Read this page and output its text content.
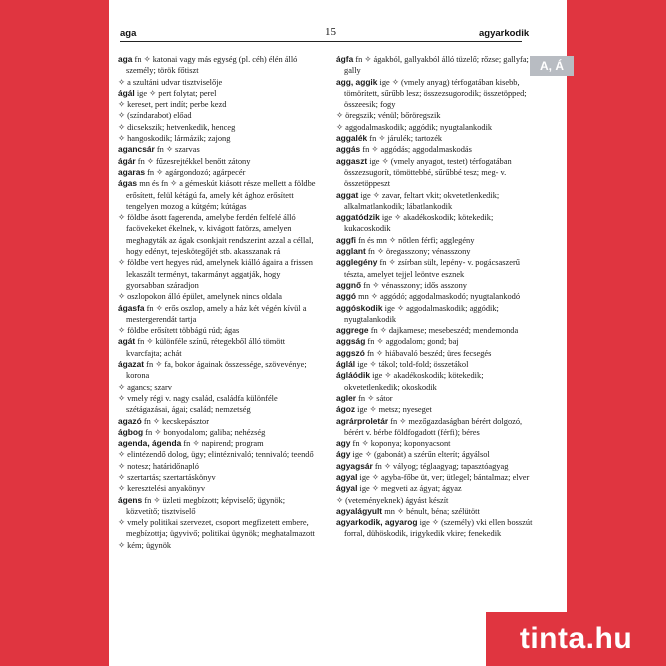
aga	15	agyarkodik
A, Á

aga fn ✧ katonai vagy más egység (pl. céh) élén álló személy; török főtiszt

✧ a szultáni udvar tisztviselője

ágál ige ✧ pert folytat; perel

✧ kereset, pert indít; perbe kezd

✧ (színdarabot) előad

✧ dicsekszik; hetvenkedik, henceg

✧ hangoskodik; lármázik; zajong

agancsár fn ✧ szarvas

ágár fn ✧ fűzesrejtékkel benőtt zátony

agaras fn ✧ agárgondozó; agárpecér

ágas mn és fn ✧ a gémeskút kiásott része mellett a földbe erősített, felül kétágú fa, amely két ághoz erősített tengelyen mozog a kútgém; kútágas

✧ földbe ásott fagerenda, amelybe ferdén felfelé álló facövekeket ékelnek, v. kivágott fatörzs, amelyen meghagyták az ágak csonkjait rendszerint azzal a céllal, hogy edényt, tejeskötegőjét stb. akasszanak rá

✧ földbe vert hegyes rúd, amelynek kiálló ágaira a frissen lekaszált terményt, takarmányt aggatják, hogy gyorsabban száradjon

✧ oszlopokon álló épület, amelynek nincs oldala

ágasfa fn ✧ erős oszlop, amely a ház két végén kívül a mestergerendát tartja

✧ földbe erősített többágú rúd; ágas

agát fn ✧ különféle színű, rétegekből álló tömött kvarcfajta; achát

ágazat fn ✧ fa, bokor ágainak összessége, szövevénye; korona

✧ agancs; szarv

✧ vmely régi v. nagy család, családfa különféle szétágazásai, ágai; család; nemzetség

agazó fn ✧ kecskepásztor

ágbog fn ✧ bonyodalom; galiba; nehézség

agenda, ágenda fn ✧ napirend; program

✧ elintézendő dolog, ügy; elintéznivaló; tennivaló; teendő

✧ notesz; határidőnapló

✧ szertartás; szertartáskönyv

✧ keresztelési anyakönyv

ágens fn ✧ üzleti megbízott; képviselő; ügynök; közvetítő; tisztviselő

✧ vmely politikai szervezet, csoport megfizetett embere, megbízottja; ügyvivő; politikai ügynök; meghatalmazott

✧ kém; ügynök

ágfa fn ✧ ágakból, gallyakból álló tüzelő; rőzse; gallyfa; gally

agg, aggik ige ✧ (vmely anyag) térfogatában kisebb, tömörített, sűrűbb lesz; összezsugorodik; összetöpped; összeesik; fogy

✧ öregszik; vénül; bőröregszik

✧ aggodalmaskodik; aggódik; nyugtalankodik

aggalék fn ✧ járulék; tartozék

aggás fn ✧ aggódás; aggodalmaskodás

aggaszt ige ✧ (vmely anyagot, testet) térfogatában összezsugorít, tömöttebbé, sűrűbbé tesz; meg- v. összetöppeszt

aggat ige ✧ zavar, feltart vkit; okvetetlenkedik; alkalmatlankodik; lábatlankodik

aggatódzik ige ✧ akadékoskodik; kötekedik; kukacoskodik

aggfi fn és mn ✧ nőtlen férfi; agglegény

agglant fn ✧ öregasszony; vénasszony

agglegény fn ✧ zsírban sült, lepény- v. pogácsaszerű tészta, amelyet tejjel leöntve esznek

aggnő fn ✧ vénasszony; idős asszony

aggó mn ✧ aggódó; aggodalmaskodó; nyugtalankodó

aggóskodik ige ✧ aggodalmaskodik; aggódik; nyugtalankodik

aggrege fn ✧ dajkamese; mesebeszéd; mendemonda

aggság fn ✧ aggodalom; gond; baj

aggszó fn ✧ hiábavaló beszéd; üres fecsegés

áglál ige ✧ tákol; told-fold; összetákol

ágláódik ige ✧ akadékoskodik; kötekedik; okvetetlenkedik; okoskodik

agler fn ✧ sátor

ágoz ige ✧ metsz; nyeseget

agrárproletár fn ✧ mezőgazdaságban bérért dolgozó, bérért v. bérbe földfogadott (férfi); béres

agy fn ✧ koponya; koponyacsont

ágy ige ✧ (gabonát) a szérűn elterít; ágyálsol

agyagsár fn ✧ vályog; téglaagyag; tapasztóagyag

agyal ige ✧ agyba-főbe üt, ver; ütlegel; bántalmaz; elver

ágyal ige ✧ megveti az ágyat; ágyaz

✧ (veteményeknek) ágyást készít

agyalágyult mn ✧ bénult, béna; szélütött

agyarkodik, agyarog ige ✧ (személy) vki ellen bosszút forral, dühöskodik, irigykedik vkire; fenekedik

tinta.hu
